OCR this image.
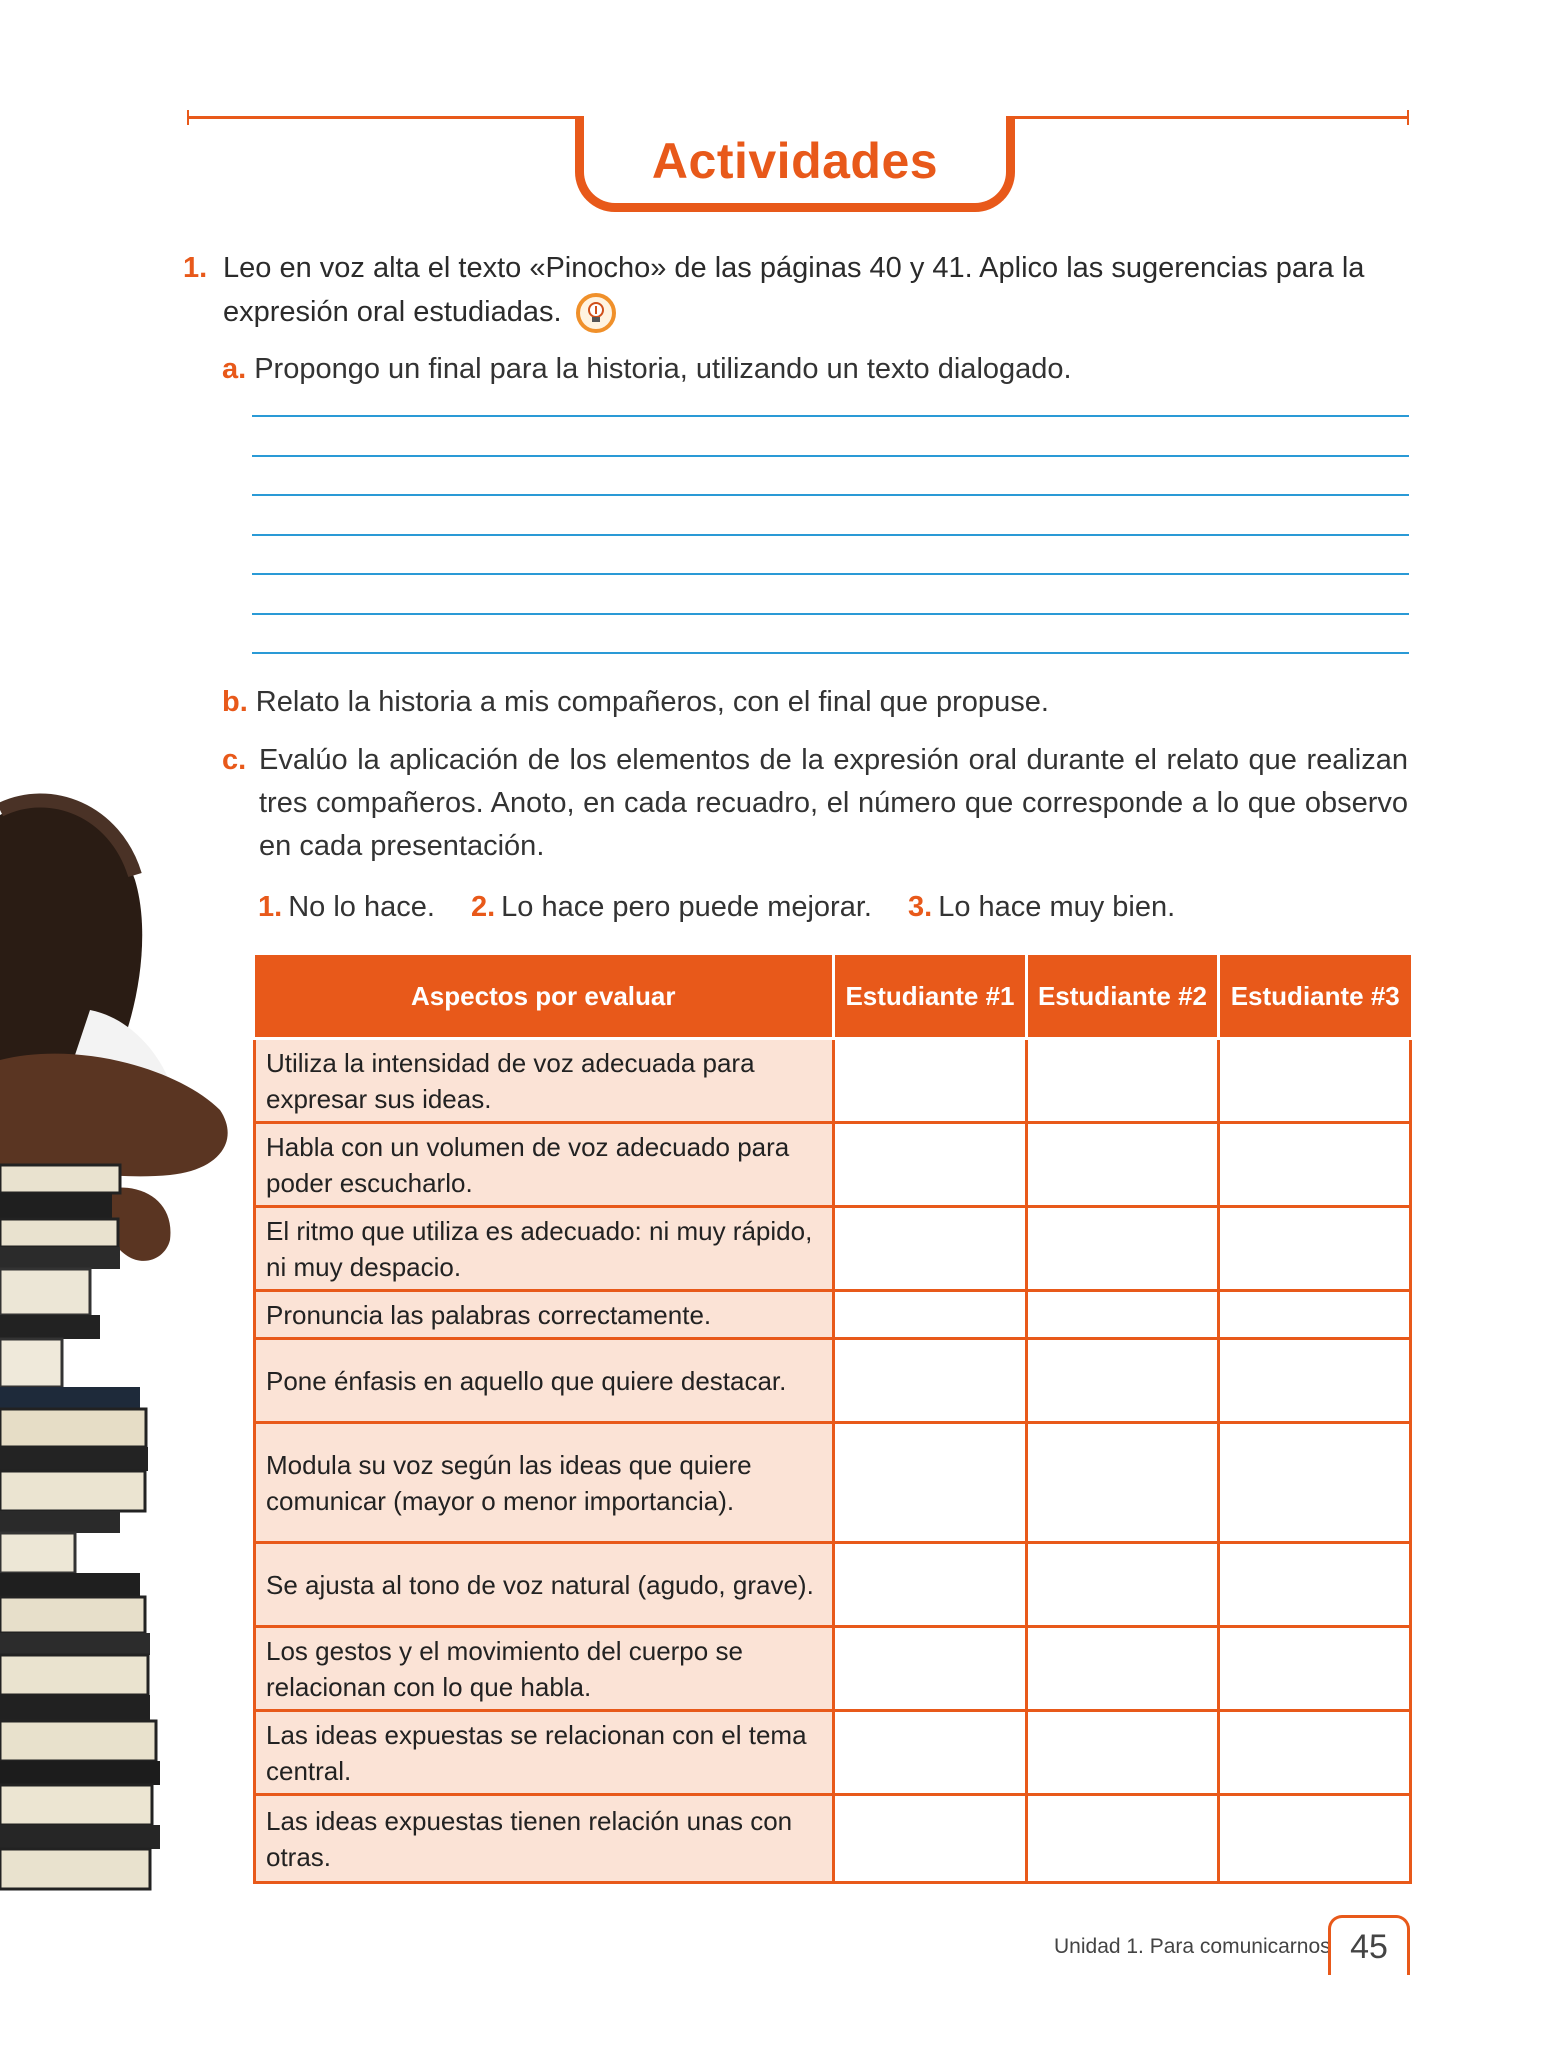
Actividades
1. Leo en voz alta el texto «Pinocho» de las páginas 40 y 41. Aplico las sugerencias para la expresión oral estudiadas.
a. Propongo un final para la historia, utilizando un texto dialogado.
b. Relato la historia a mis compañeros, con el final que propuse.
c. Evalúo la aplicación de los elementos de la expresión oral durante el relato que realizan tres compañeros. Anoto, en cada recuadro, el número que corresponde a lo que observo en cada presentación.
1. No lo hace. 2. Lo hace pero puede mejorar. 3. Lo hace muy bien.
Aspectos por evaluar	Estudiante #1	Estudiante #2	Estudiante #3
Utiliza la intensidad de voz adecuada para expresar sus ideas.			
Habla con un volumen de voz adecuado para poder escucharlo.			
El ritmo que utiliza es adecuado: ni muy rápido, ni muy despacio.			
Pronuncia las palabras correctamente.			
Pone énfasis en aquello que quiere destacar.			
Modula su voz según las ideas que quiere comunicar (mayor o menor importancia).			
Se ajusta al tono de voz natural (agudo, grave).			
Los gestos y el movimiento del cuerpo se relacionan con lo que habla.			
Las ideas expuestas se relacionan con el tema central.			
Las ideas expuestas tienen relación unas con otras.			
Unidad 1. Para comunicarnos 45
